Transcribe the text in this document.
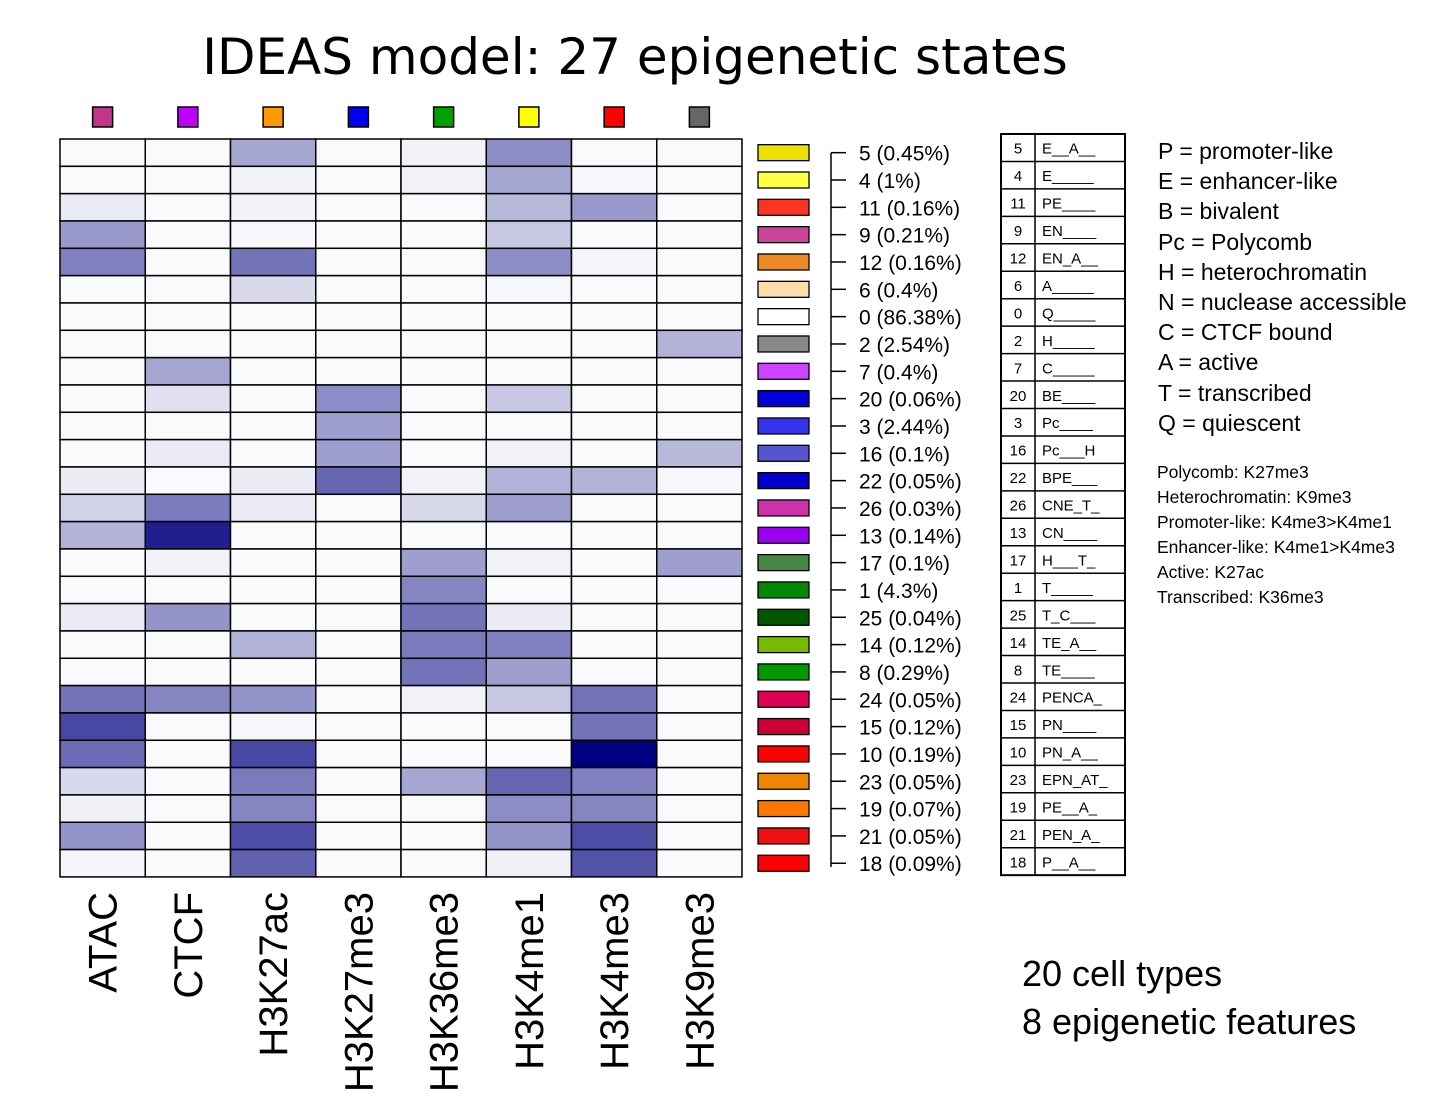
IDEAS model: 27 epigenetic states
ATAC CTCF H3K27ac H3K27me3 H3K36me3 H3K4me1 H3K4me3 H3K9me3
5 (0.45%)
4 (1%)
11 (0.16%)
9 (0.21%)
12 (0.16%)
6 (0.4%)
0 (86.38%)
2 (2.54%)
7 (0.4%)
20 (0.06%)
3 (2.44%)
16 (0.1%)
22 (0.05%)
26 (0.03%)
13 (0.14%)
17 (0.1%)
1 (4.3%)
25 (0.04%)
14 (0.12%)
8 (0.29%)
24 (0.05%)
15 (0.12%)
10 (0.19%)
23 (0.05%)
19 (0.07%)
21 (0.05%)
18 (0.09%)
5 E__A__
4 E_____
11 PE____
9 EN____
12 EN_A__
6 A_____
0 Q_____
2 H_____
7 C_____
20 BE____
3 Pc____
16 Pc___H
22 BPE___
26 CNE_T_
13 CN____
17 H___T_
1 T_____
25 T_C___
14 TE_A__
8 TE____
24 PENCA_
15 PN____
10 PN_A__
23 EPN_AT_
19 PE__A_
21 PEN_A_
18 P__A__
P = promoter-like
E = enhancer-like
B = bivalent
Pc = Polycomb
H = heterochromatin
N = nuclease accessible
C = CTCF bound
A = active
T = transcribed
Q = quiescent
Polycomb: K27me3
Heterochromatin: K9me3
Promoter-like: K4me3>K4me1
Enhancer-like: K4me1>K4me3
Active: K27ac
Transcribed: K36me3
20 cell types
8 epigenetic features
